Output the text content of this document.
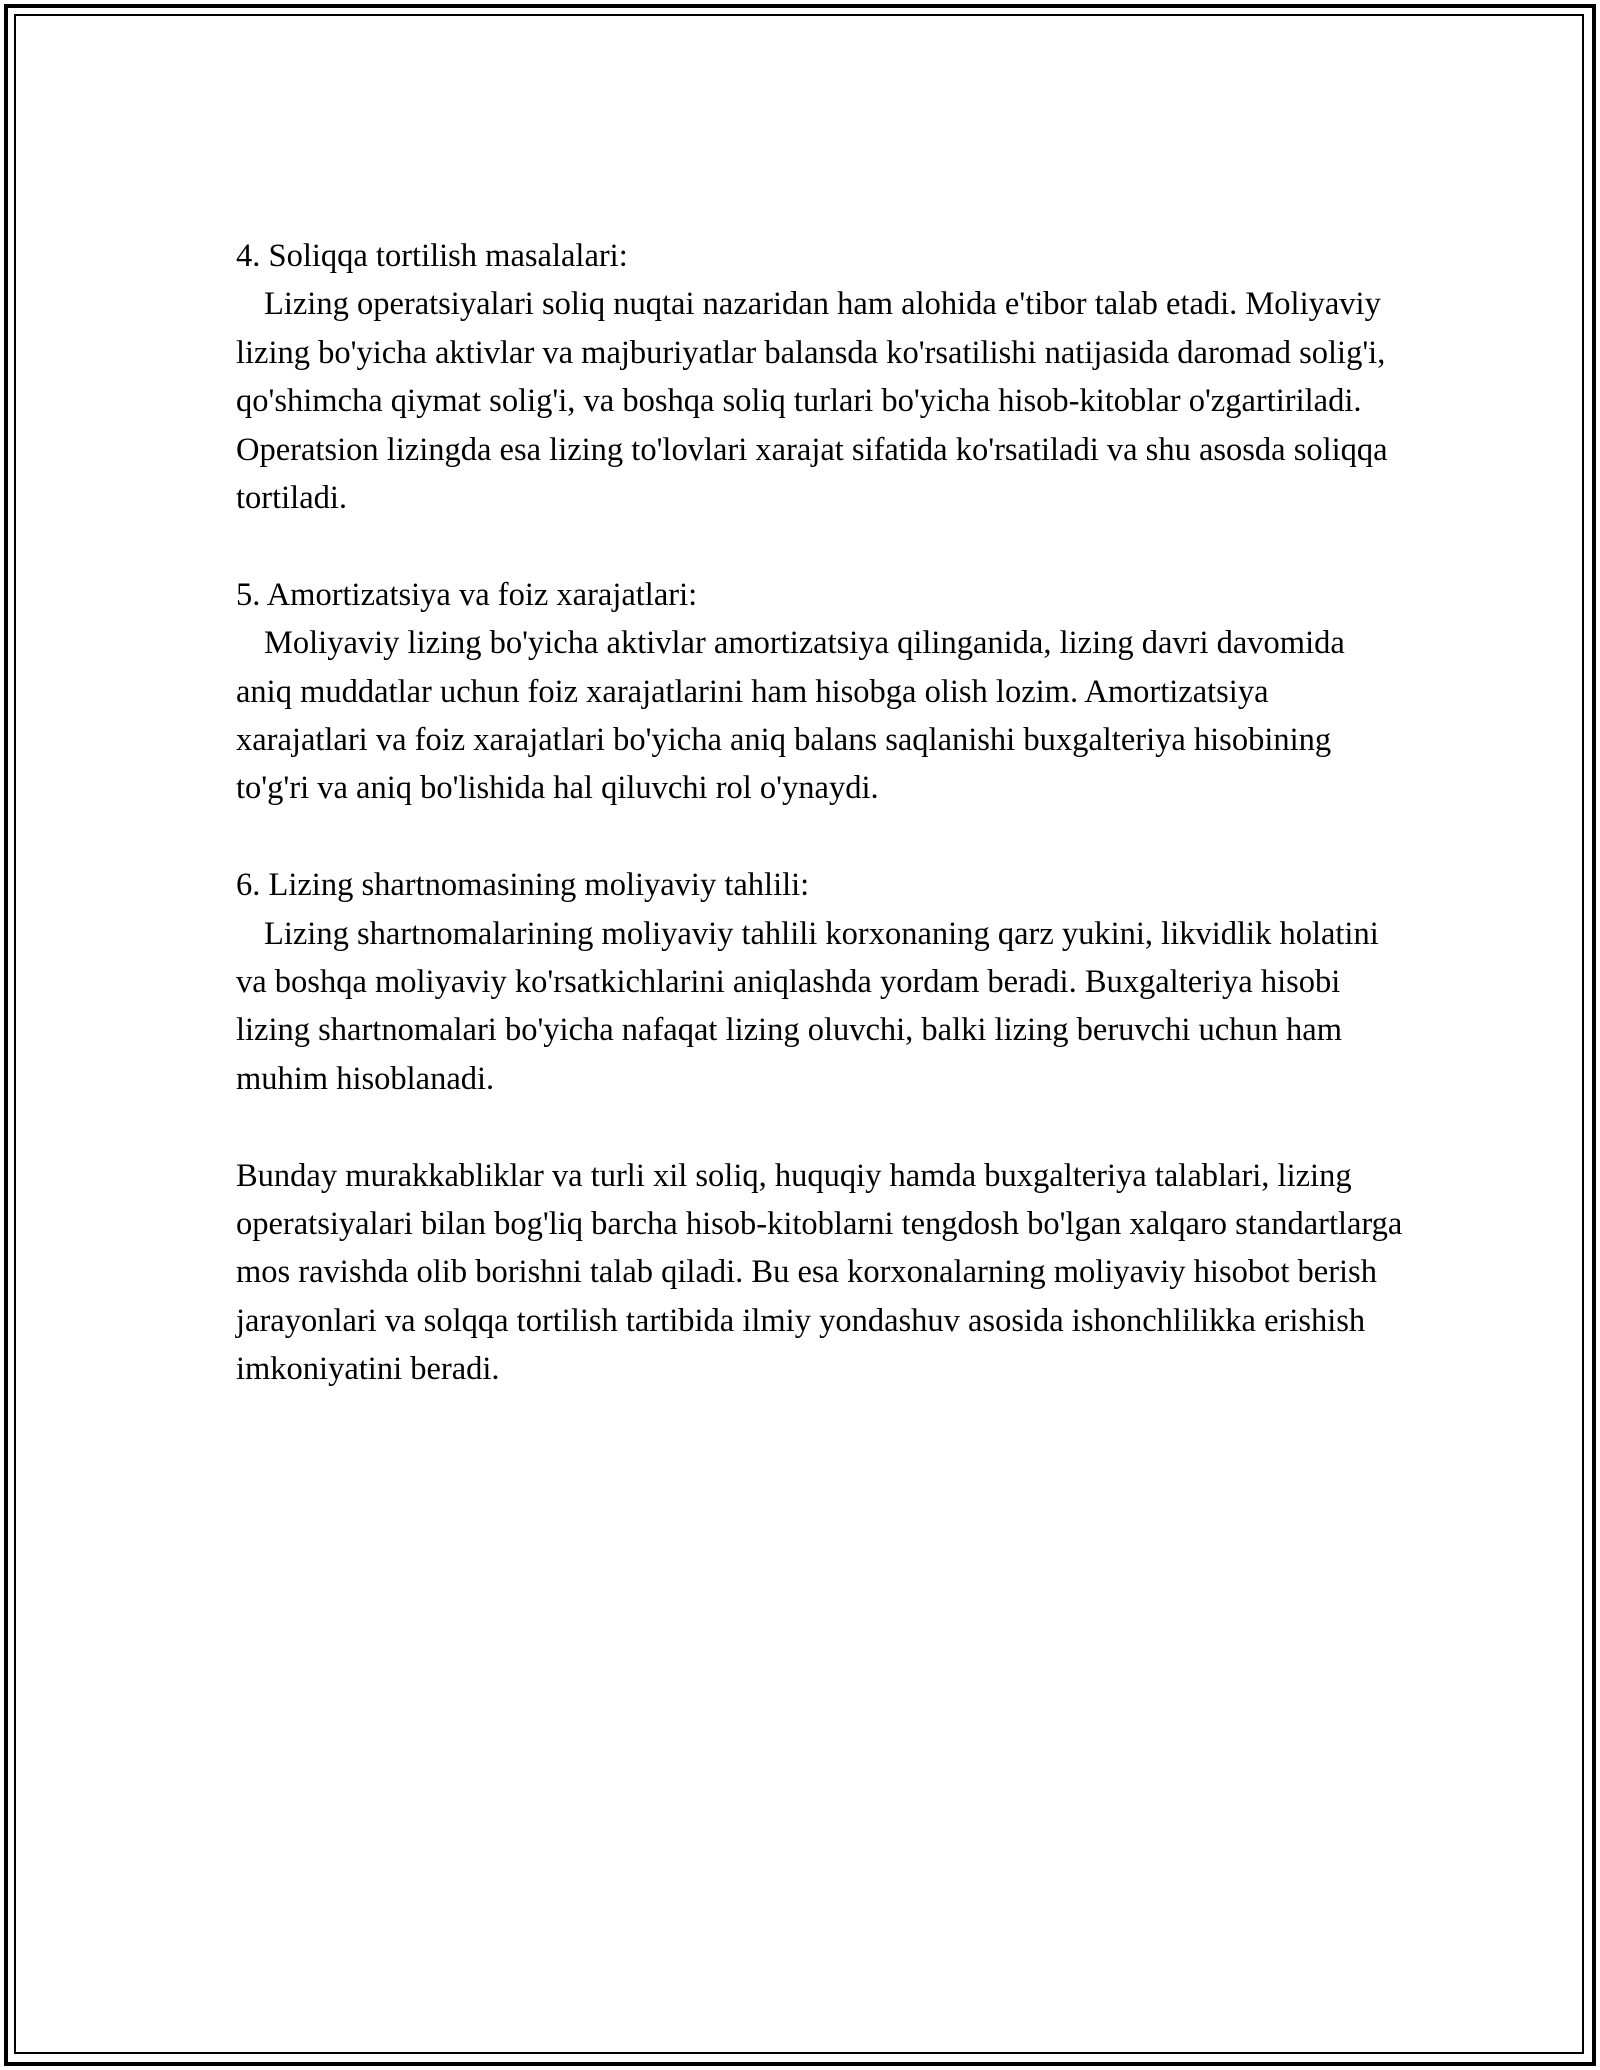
4. Soliqqa tortilish masalalari:
Lizing operatsiyalari soliq nuqtai nazaridan ham alohida e'tibor talab etadi. Moliyaviy lizing bo'yicha aktivlar va majburiyatlar balansda ko'rsatilishi natijasida daromad solig'i, qo'shimcha qiymat solig'i, va boshqa soliq turlari bo'yicha hisob-kitoblar o'zgartiriladi. Operatsion lizingda esa lizing to'lovlari xarajat sifatida ko'rsatiladi va shu asosda soliqqa tortiladi.
5. Amortizatsiya va foiz xarajatlari:
Moliyaviy lizing bo'yicha aktivlar amortizatsiya qilinganida, lizing davri davomida aniq muddatlar uchun foiz xarajatlarini ham hisobga olish lozim. Amortizatsiya xarajatlari va foiz xarajatlari bo'yicha aniq balans saqlanishi buxgalteriya hisobining to'g'ri va aniq bo'lishida hal qiluvchi rol o'ynaydi.
6. Lizing shartnomasining moliyaviy tahlili:
Lizing shartnomalarining moliyaviy tahlili korxonaning qarz yukini, likvidlik holatini va boshqa moliyaviy ko'rsatkichlarini aniqlashda yordam beradi. Buxgalteriya hisobi lizing shartnomalari bo'yicha nafaqat lizing oluvchi, balki lizing beruvchi uchun ham muhim hisoblanadi.
Bunday murakkabliklar va turli xil soliq, huquqiy hamda buxgalteriya talablari, lizing operatsiyalari bilan bog'liq barcha hisob-kitoblarni tengdosh bo'lgan xalqaro standartlarga mos ravishda olib borishni talab qiladi. Bu esa korxonalarning moliyaviy hisobot berish jarayonlari va solqqa tortilish tartibida ilmiy yondashuv asosida ishonchlilikka erishish imkoniyatini beradi.
